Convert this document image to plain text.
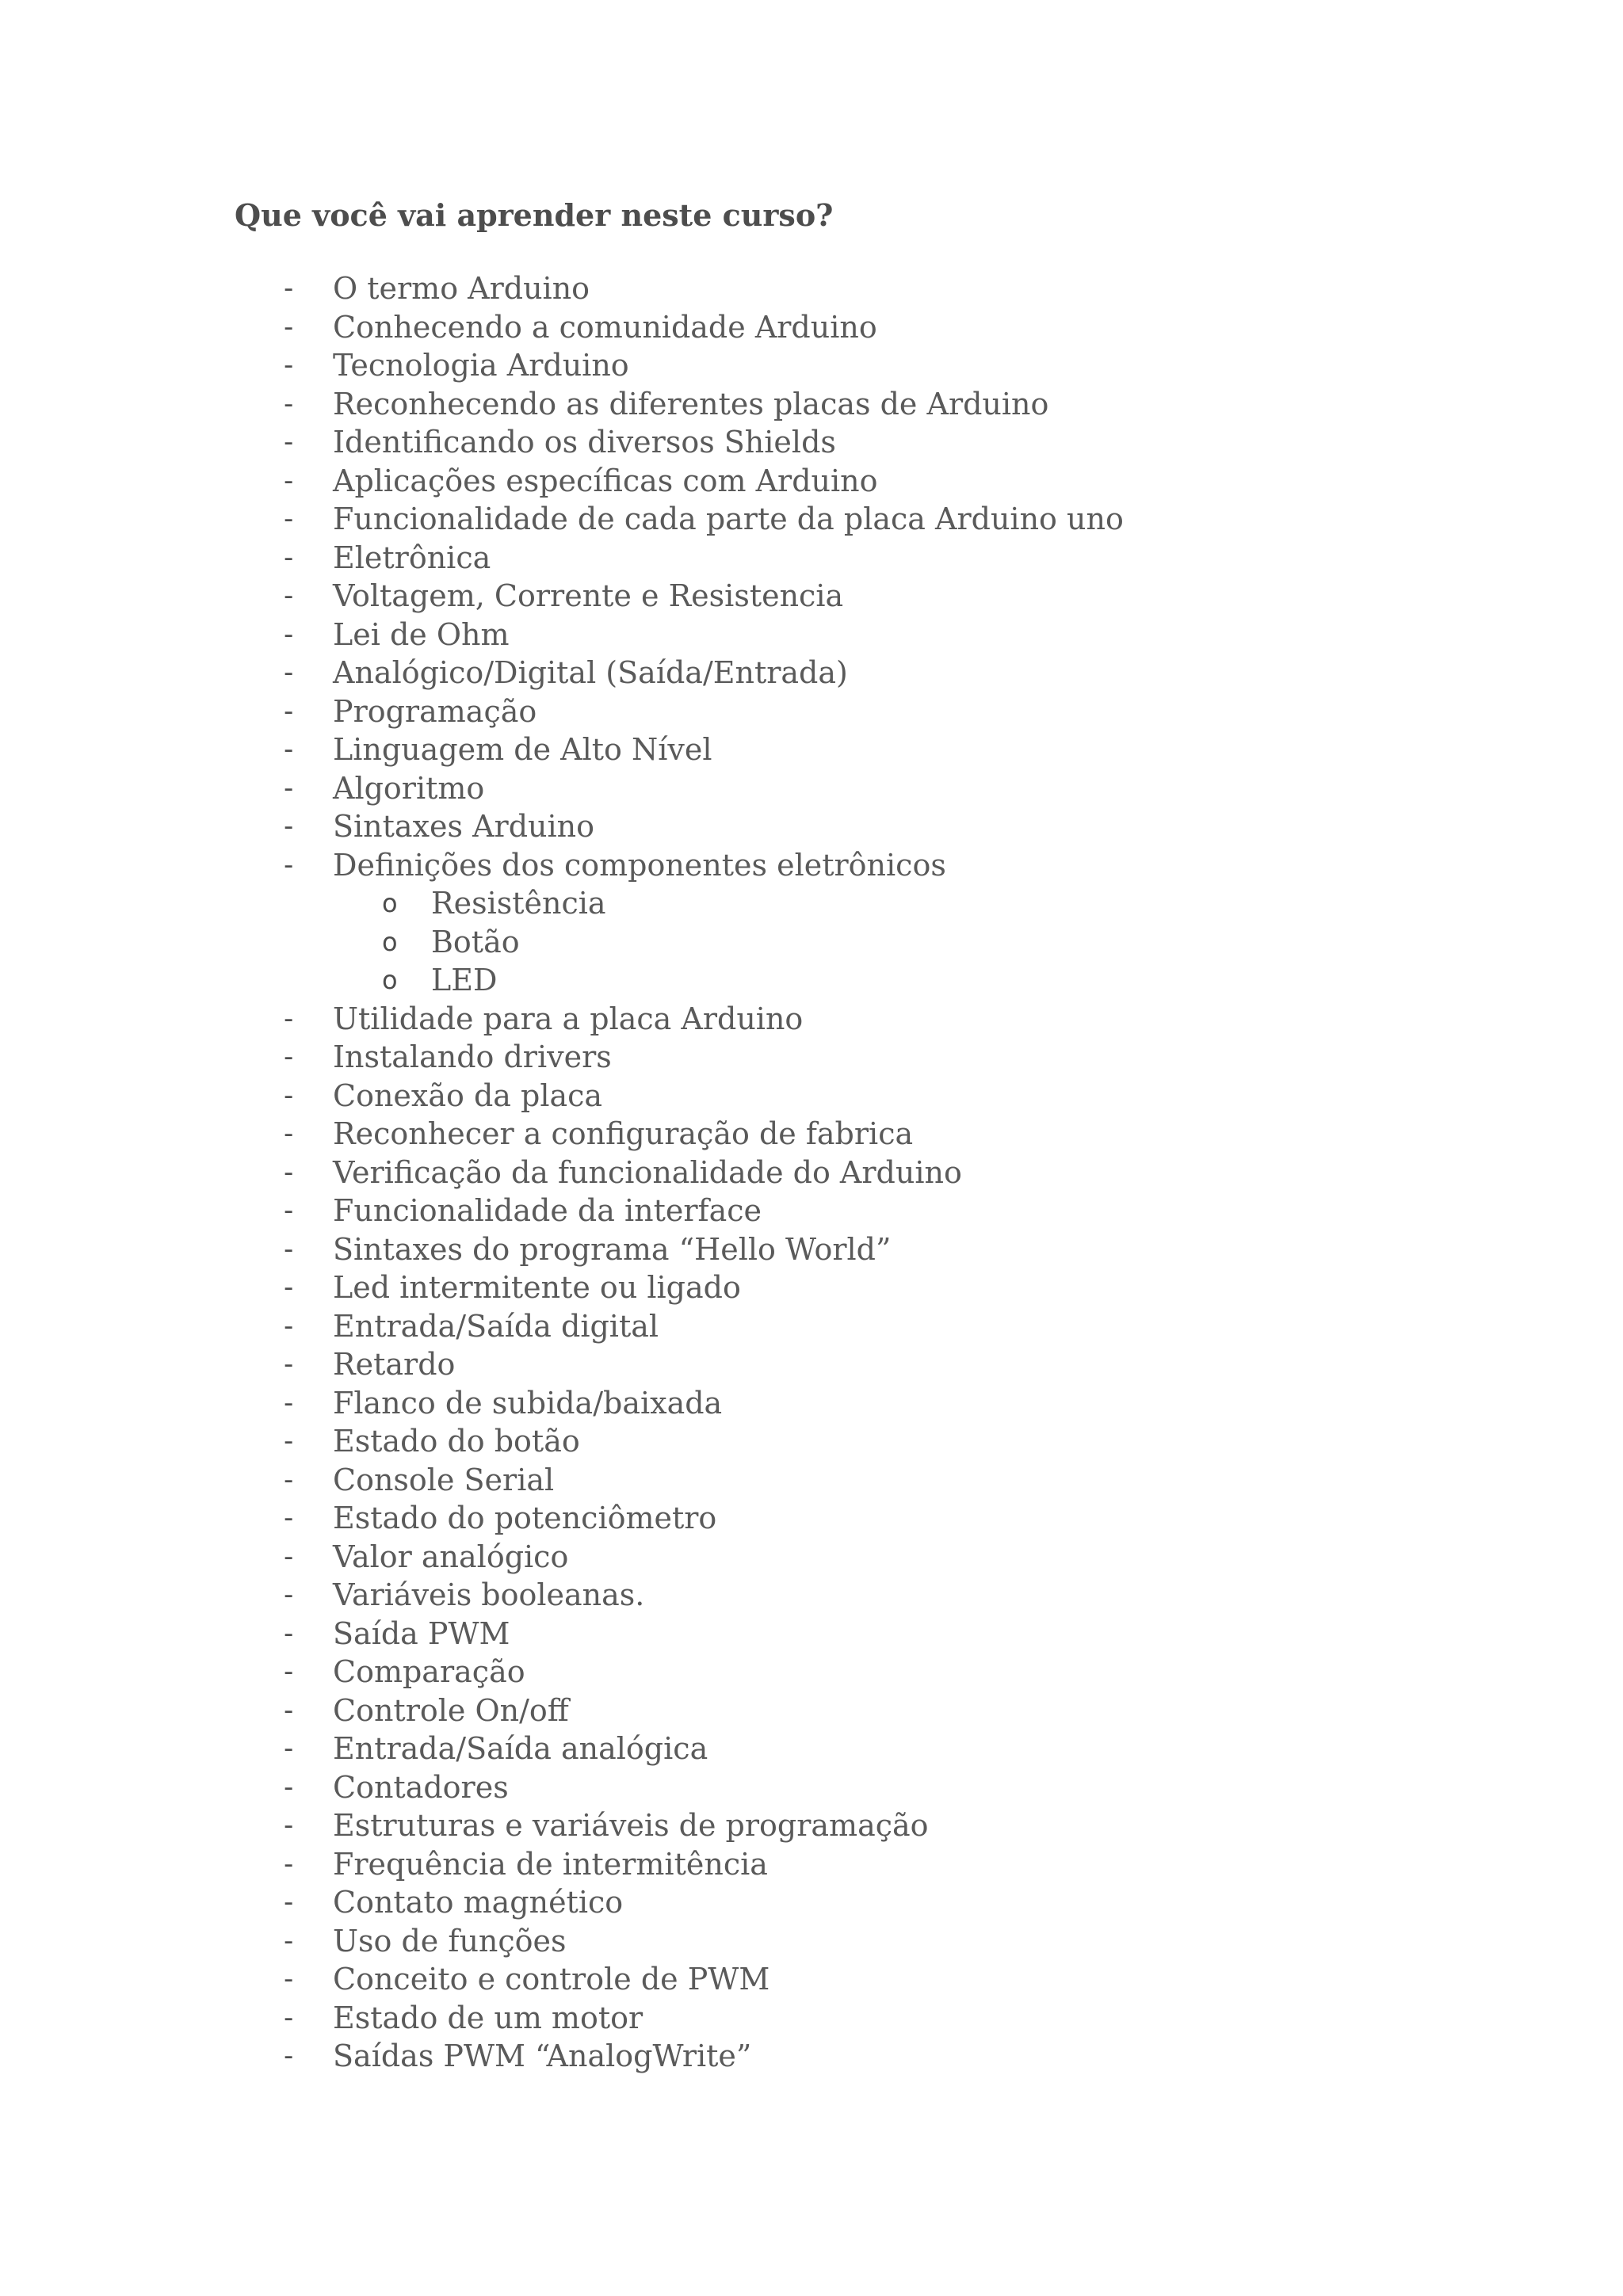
Que você vai aprender neste curso?
- O termo Arduino
- Conhecendo a comunidade Arduino
- Tecnologia Arduino
- Reconhecendo as diferentes placas de Arduino
- Identificando os diversos Shields
- Aplicações específicas com Arduino
- Funcionalidade de cada parte da placa Arduino uno
- Eletrônica
- Voltagem, Corrente e Resistencia
- Lei de Ohm
- Analógico/Digital (Saída/Entrada)
- Programação
- Linguagem de Alto Nível
- Algoritmo
- Sintaxes Arduino
- Definições dos componentes eletrônicos
o Resistência
o Botão
o LED
- Utilidade para a placa Arduino
- Instalando drivers
- Conexão da placa
- Reconhecer a configuração de fabrica
- Verificação da funcionalidade do Arduino
- Funcionalidade da interface
- Sintaxes do programa “Hello World”
- Led intermitente ou ligado
- Entrada/Saída digital
- Retardo
- Flanco de subida/baixada
- Estado do botão
- Console Serial
- Estado do potenciômetro
- Valor analógico
- Variáveis booleanas.
- Saída PWM
- Comparação
- Controle On/off
- Entrada/Saída analógica
- Contadores
- Estruturas e variáveis de programação
- Frequência de intermitência
- Contato magnético
- Uso de funções
- Conceito e controle de PWM
- Estado de um motor
- Saídas PWM “AnalogWrite”
